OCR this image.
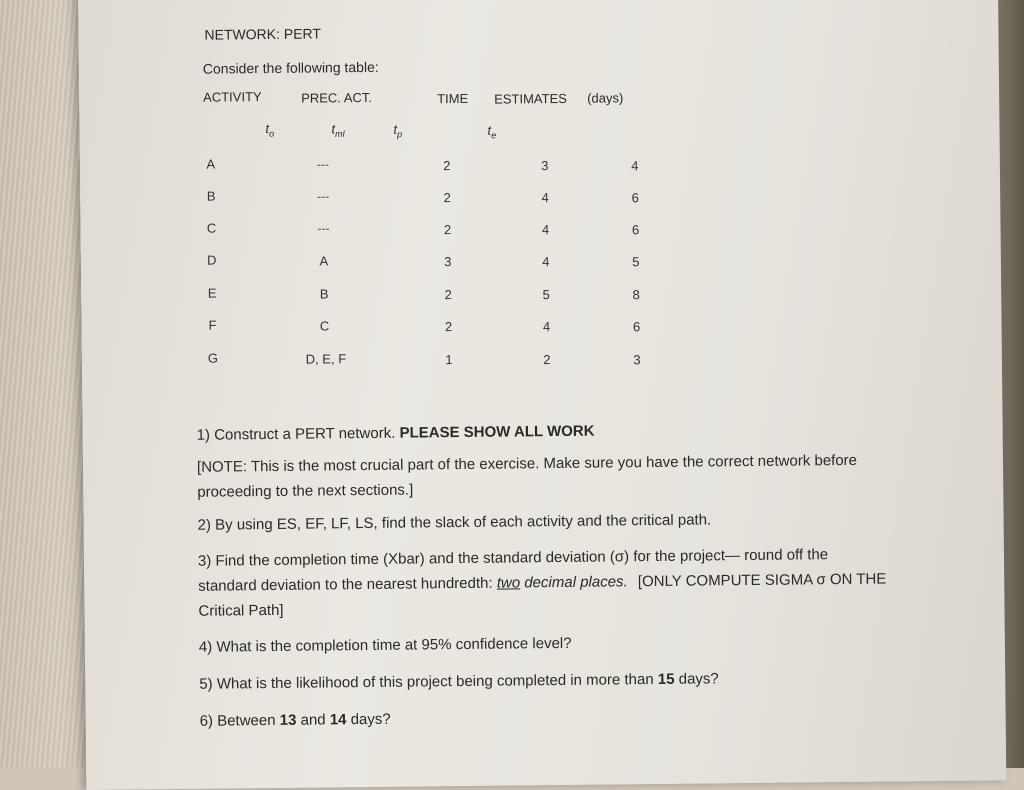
NETWORK: PERT
Consider the following table:
ACTIVITY	PREC. ACT.	TIME ESTIMATES (days)
$t_o$	$t_{ml}$	$t_p$	$t_e$
A	---	2	3	4
B	---	2	4	6
C	---	2	4	6
D	A	3	4	5
E	B	2	5	8
F	C	2	4	6
G	D, E, F	1	2	3
1) Construct a PERT network. PLEASE SHOW ALL WORK
[NOTE: This is the most crucial part of the exercise. Make sure you have the correct network before
proceeding to the next sections.]
2) By using ES, EF, LF, LS, find the slack of each activity and the critical path.
3) Find the completion time (Xbar) and the standard deviation (σ) for the project— round off the
standard deviation to the nearest hundredth: two decimal places. [ONLY COMPUTE SIGMA σ ON THE
Critical Path]
4) What is the completion time at 95% confidence level?
5) What is the likelihood of this project being completed in more than 15 days?
6) Between 13 and 14 days?
